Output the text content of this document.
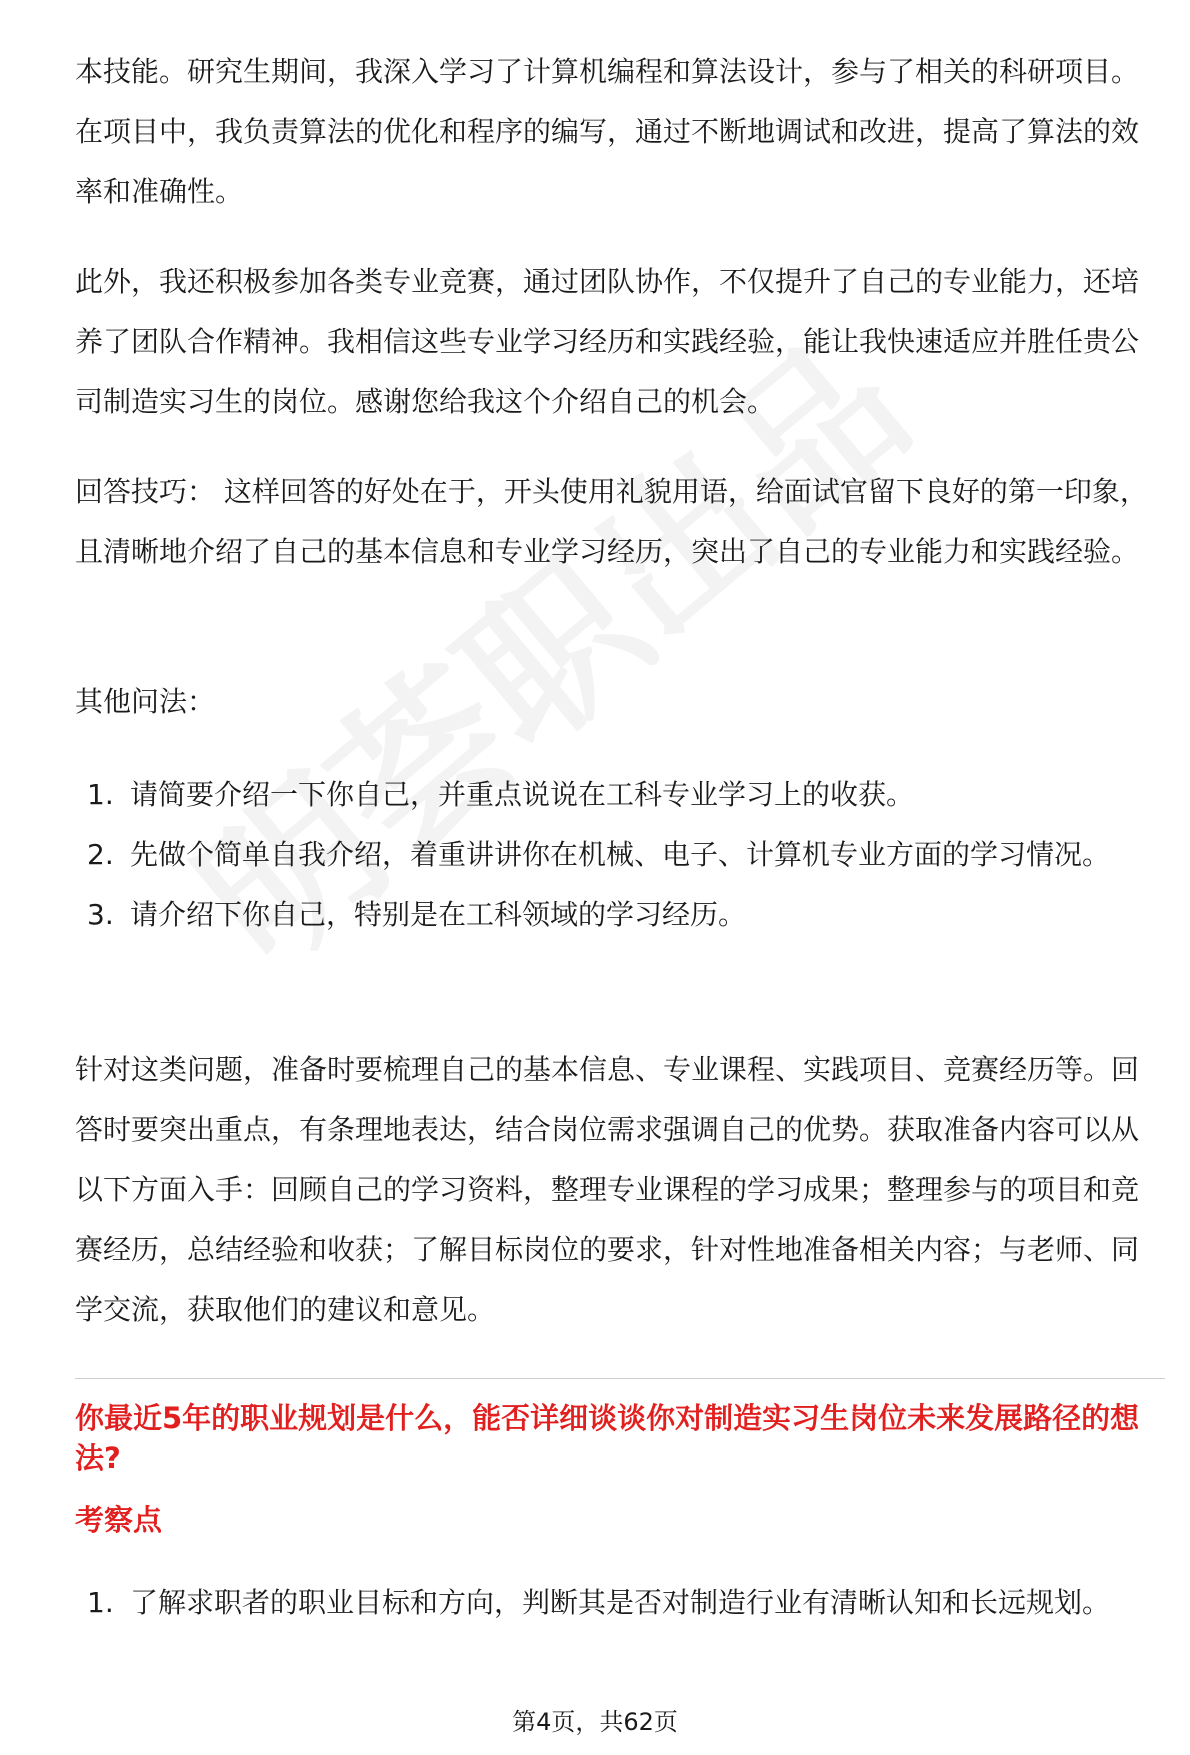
本技能。研究生期间，我深入学习了计算机编程和算法设计，参与了相关的科研项目。在项目中，我负责算法的优化和程序的编写，通过不断地调试和改进，提高了算法的效率和准确性。

此外，我还积极参加各类专业竞赛，通过团队协作，不仅提升了自己的专业能力，还培养了团队合作精神。我相信这些专业学习经历和实践经验，能让我快速适应并胜任贵公司制造实习生的岗位。感谢您给我这个介绍自己的机会。

回答技巧： 这样回答的好处在于，开头使用礼貌用语，给面试官留下良好的第一印象，且清晰地介绍了自己的基本信息和专业学习经历，突出了自己的专业能力和实践经验。

其他问法：

1. 请简要介绍一下你自己，并重点说说在工科专业学习上的收获。
2. 先做个简单自我介绍，着重讲讲你在机械、电子、计算机专业方面的学习情况。
3. 请介绍下你自己，特别是在工科领域的学习经历。

针对这类问题，准备时要梳理自己的基本信息、专业课程、实践项目、竞赛经历等。回答时要突出重点，有条理地表达，结合岗位需求强调自己的优势。获取准备内容可以从以下方面入手：回顾自己的学习资料，整理专业课程的学习成果；整理参与的项目和竞赛经历，总结经验和收获；了解目标岗位的要求，针对性地准备相关内容；与老师、同学交流，获取他们的建议和意见。

你最近5年的职业规划是什么，能否详细谈谈你对制造实习生岗位未来发展路径的想法?
考察点
1. 了解求职者的职业目标和方向，判断其是否对制造行业有清晰认知和长远规划。
第4页，共62页
